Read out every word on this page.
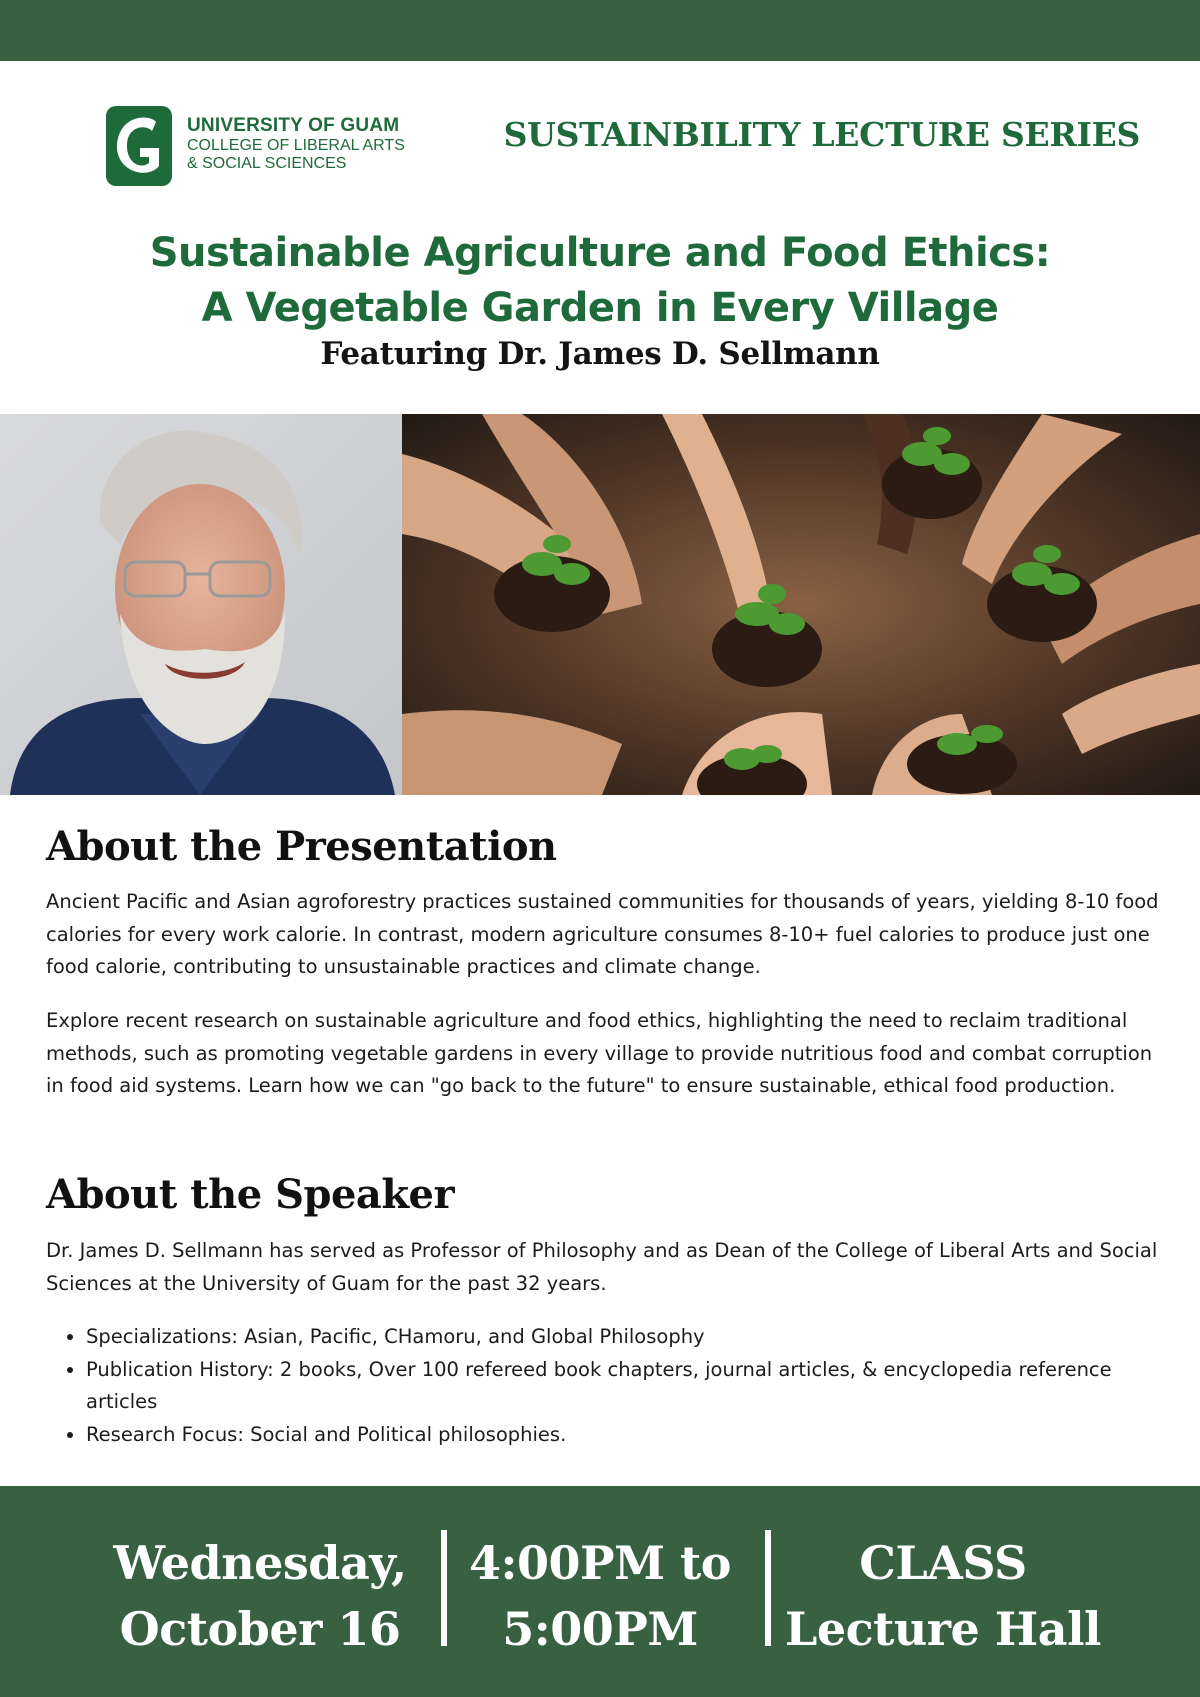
UNIVERSITY OF GUAM
COLLEGE OF LIBERAL ARTS
& SOCIAL SCIENCES
SUSTAINBILITY LECTURE SERIES
Sustainable Agriculture and Food Ethics:
A Vegetable Garden in Every Village
Featuring Dr. James D. Sellmann
About the Presentation

Ancient Pacific and Asian agroforestry practices sustained communities for thousands of years, yielding 8-10 food calories for every work calorie. In contrast, modern agriculture consumes 8-10+ fuel calories to produce just one food calorie, contributing to unsustainable practices and climate change.

Explore recent research on sustainable agriculture and food ethics, highlighting the need to reclaim traditional methods, such as promoting vegetable gardens in every village to provide nutritious food and combat corruption in food aid systems. Learn how we can "go back to the future" to ensure sustainable, ethical food production.

About the Speaker

Dr. James D. Sellmann has served as Professor of Philosophy and as Dean of the College of Liberal Arts and Social Sciences at the University of Guam for the past 32 years.

• Specializations: Asian, Pacific, CHamoru, and Global Philosophy
• Publication History: 2 books, Over 100 refereed book chapters, journal articles, & encyclopedia reference articles
• Research Focus: Social and Political philosophies.
Wednesday,
October 16
4:00PM to
5:00PM
CLASS
Lecture Hall
